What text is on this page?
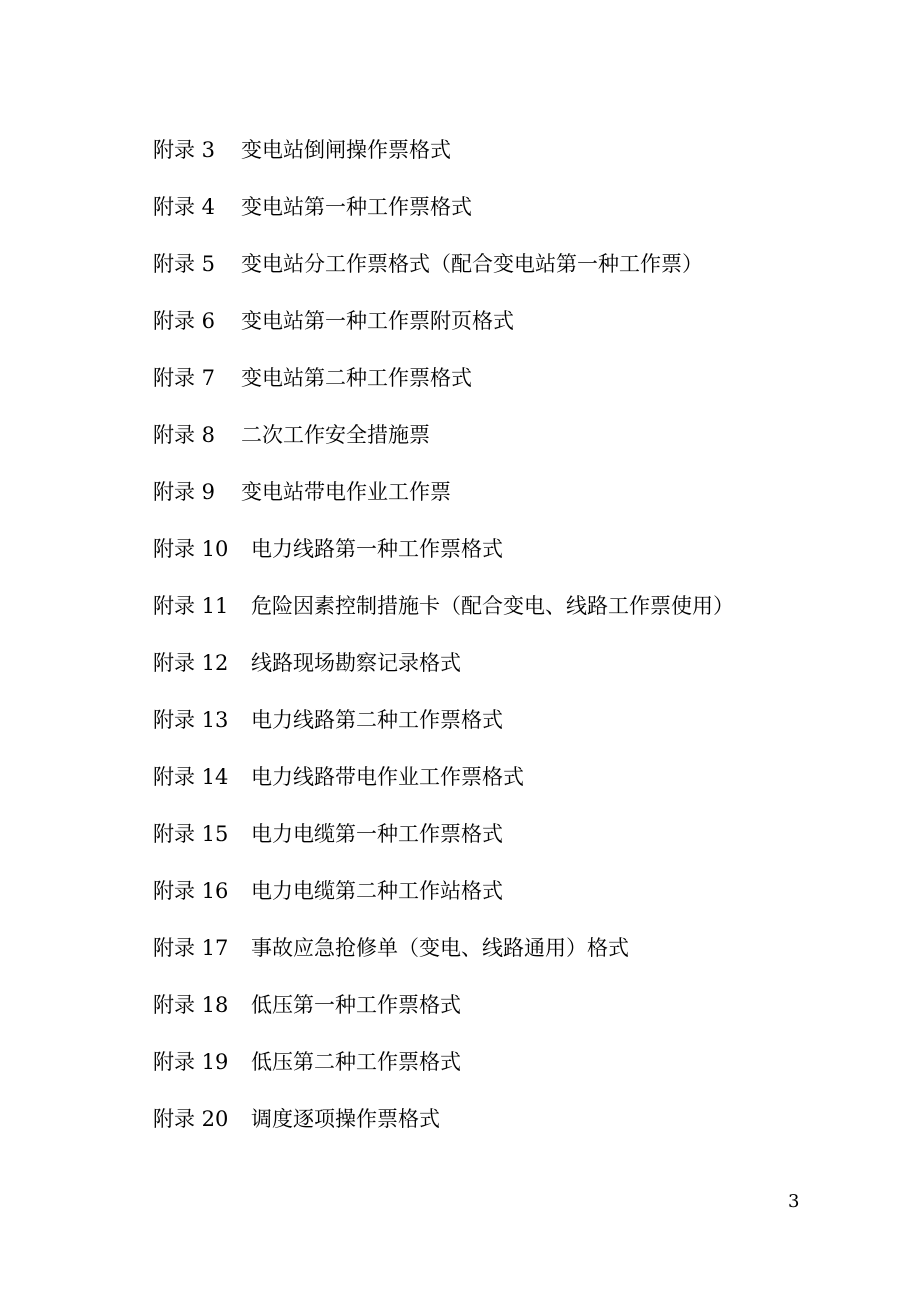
附录 3 变电站倒闸操作票格式
附录 4 变电站第一种工作票格式
附录 5 变电站分工作票格式（配合变电站第一种工作票）
附录 6 变电站第一种工作票附页格式
附录 7 变电站第二种工作票格式
附录 8 二次工作安全措施票
附录 9 变电站带电作业工作票
附录 10 电力线路第一种工作票格式
附录 11 危险因素控制措施卡（配合变电、线路工作票使用）
附录 12 线路现场勘察记录格式
附录 13 电力线路第二种工作票格式
附录 14 电力线路带电作业工作票格式
附录 15 电力电缆第一种工作票格式
附录 16 电力电缆第二种工作站格式
附录 17 事故应急抢修单（变电、线路通用）格式
附录 18 低压第一种工作票格式
附录 19 低压第二种工作票格式
附录 20 调度逐项操作票格式
3
